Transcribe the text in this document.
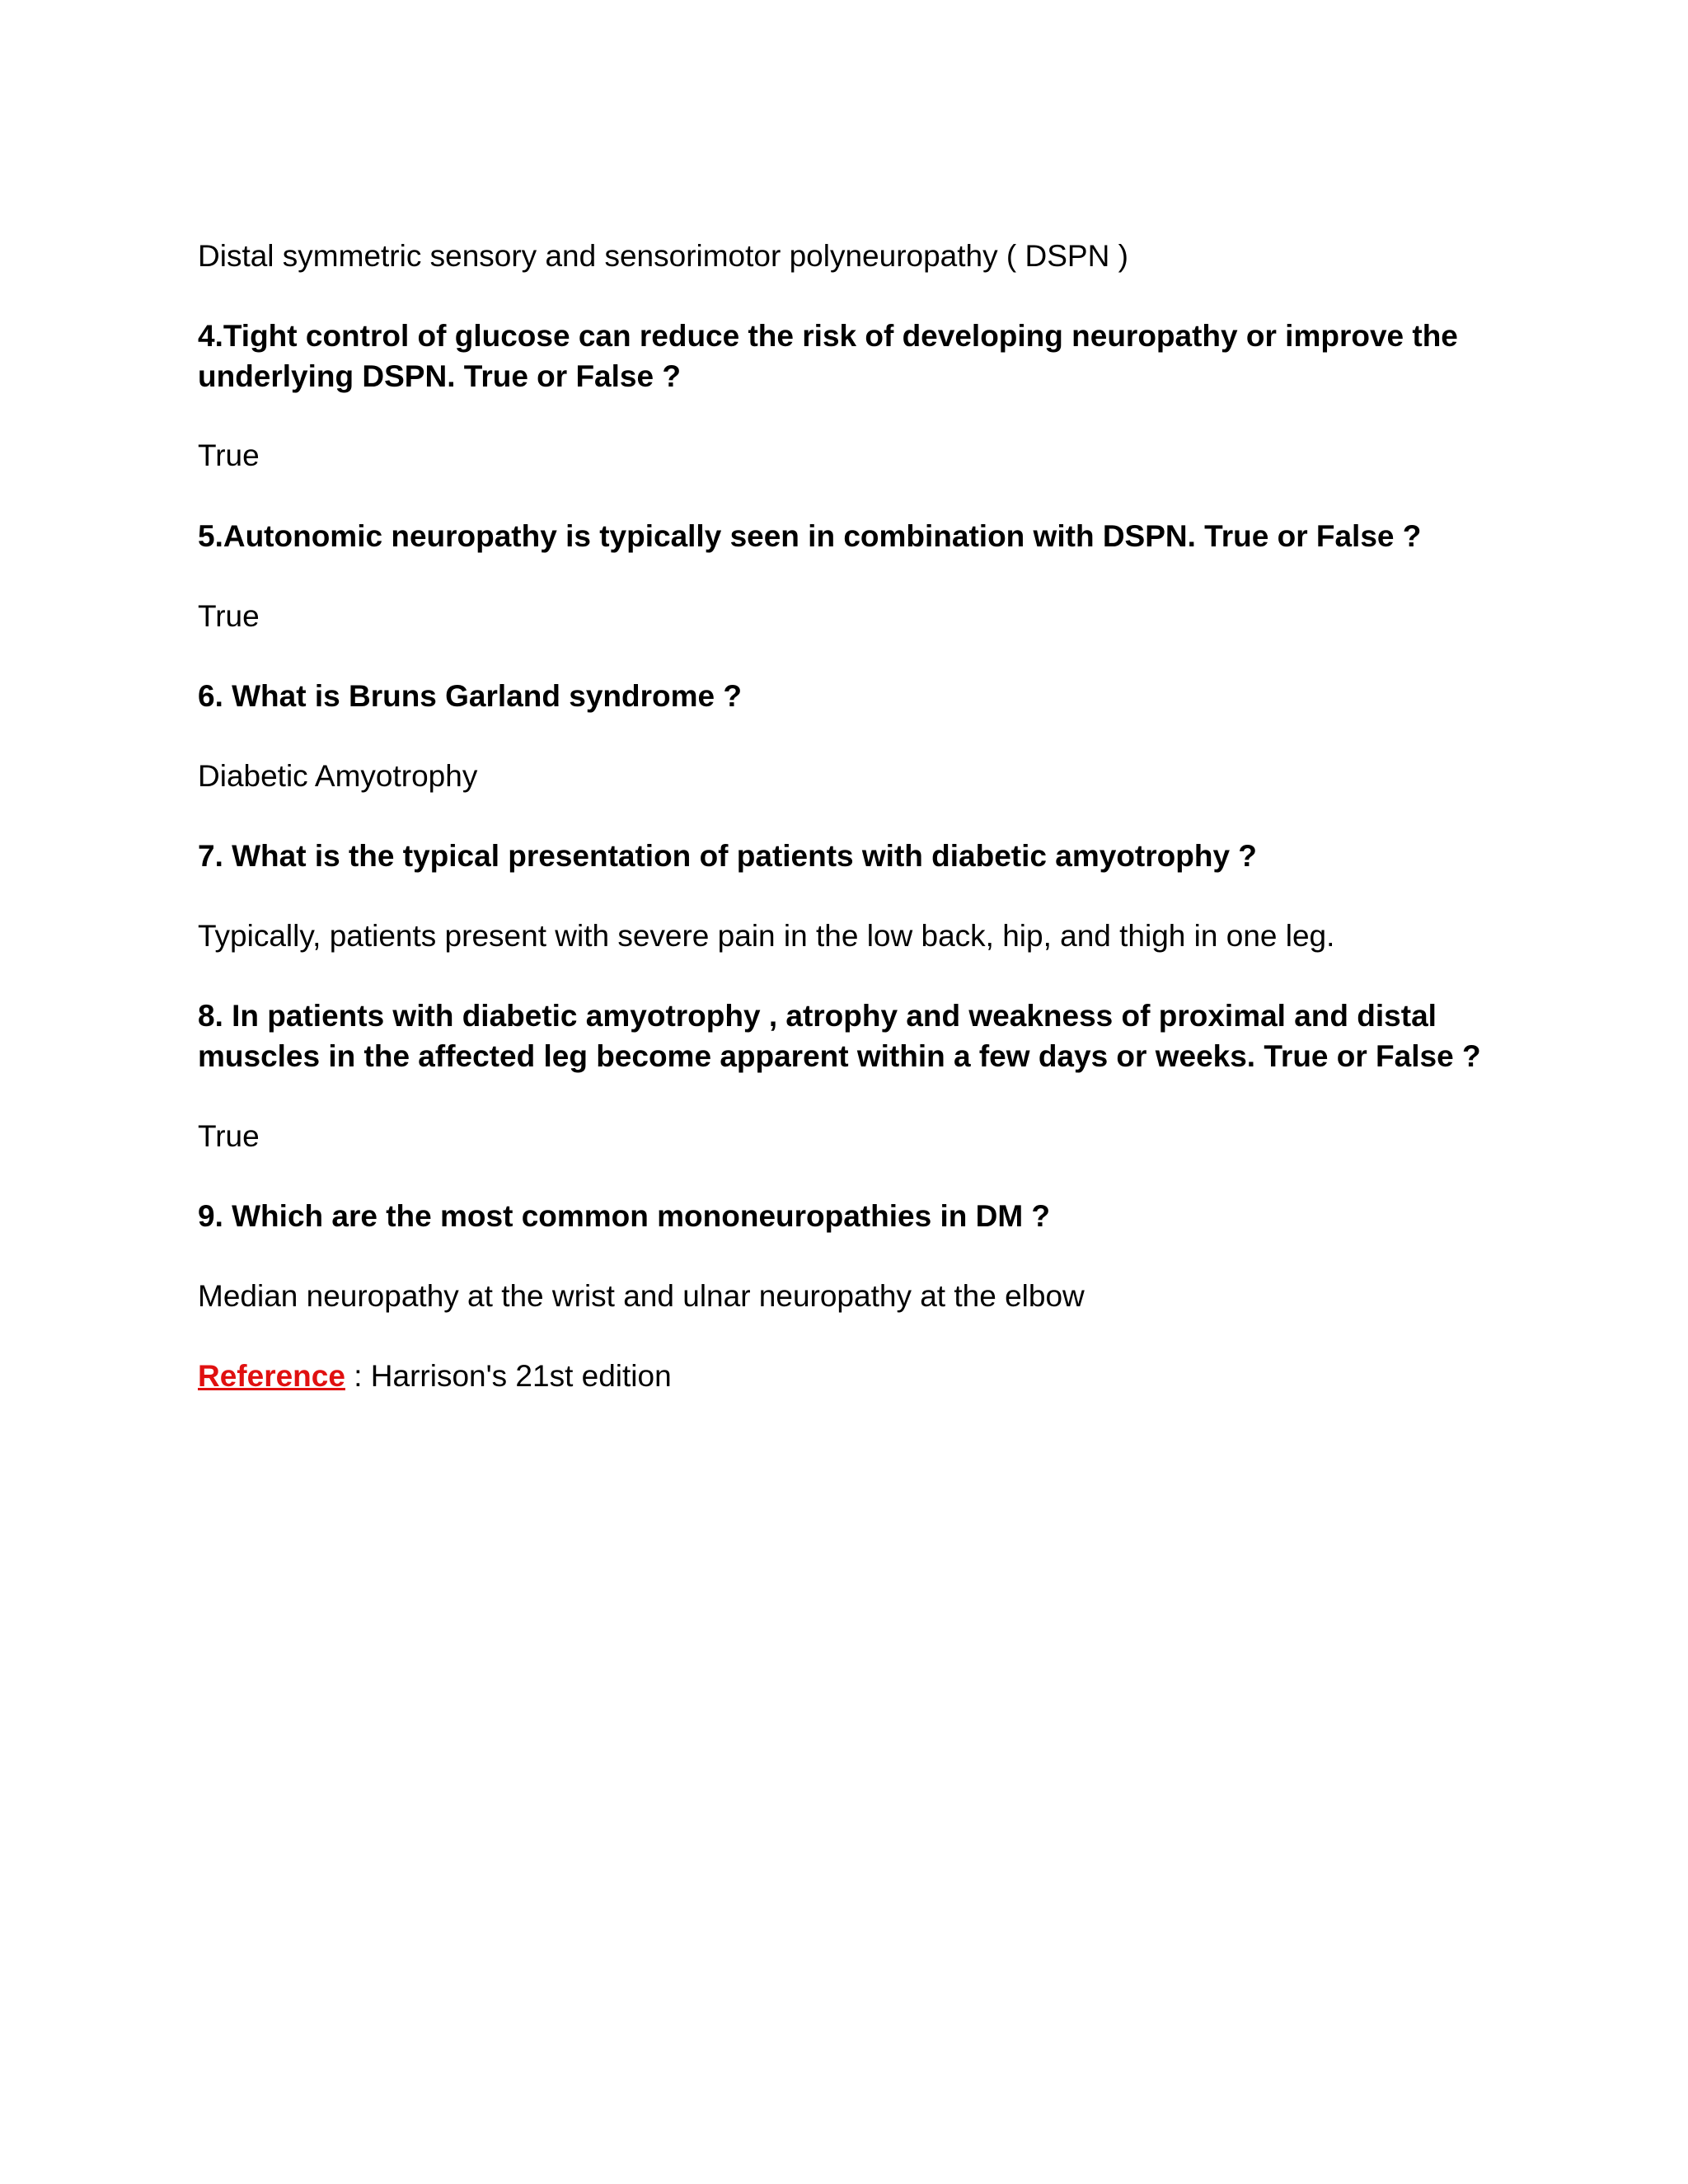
Distal symmetric sensory and sensorimotor polyneuropathy ( DSPN )
4.Tight control of glucose can reduce the risk of developing neuropathy or improve the
underlying DSPN. True or False ?
True
5.Autonomic neuropathy is typically seen in combination with DSPN. True or False ?
True
6. What is Bruns Garland syndrome ?
Diabetic Amyotrophy
7. What is the typical presentation of patients with diabetic amyotrophy ?
Typically, patients present with severe pain in the low back, hip, and thigh in one leg.
8. In patients with diabetic amyotrophy , atrophy and weakness of proximal and distal
muscles in the affected leg become apparent within a few days or weeks. True or False ?
True
9. Which are the most common mononeuropathies in DM ?
Median neuropathy at the wrist and ulnar neuropathy at the elbow
Reference : Harrison's 21st edition
